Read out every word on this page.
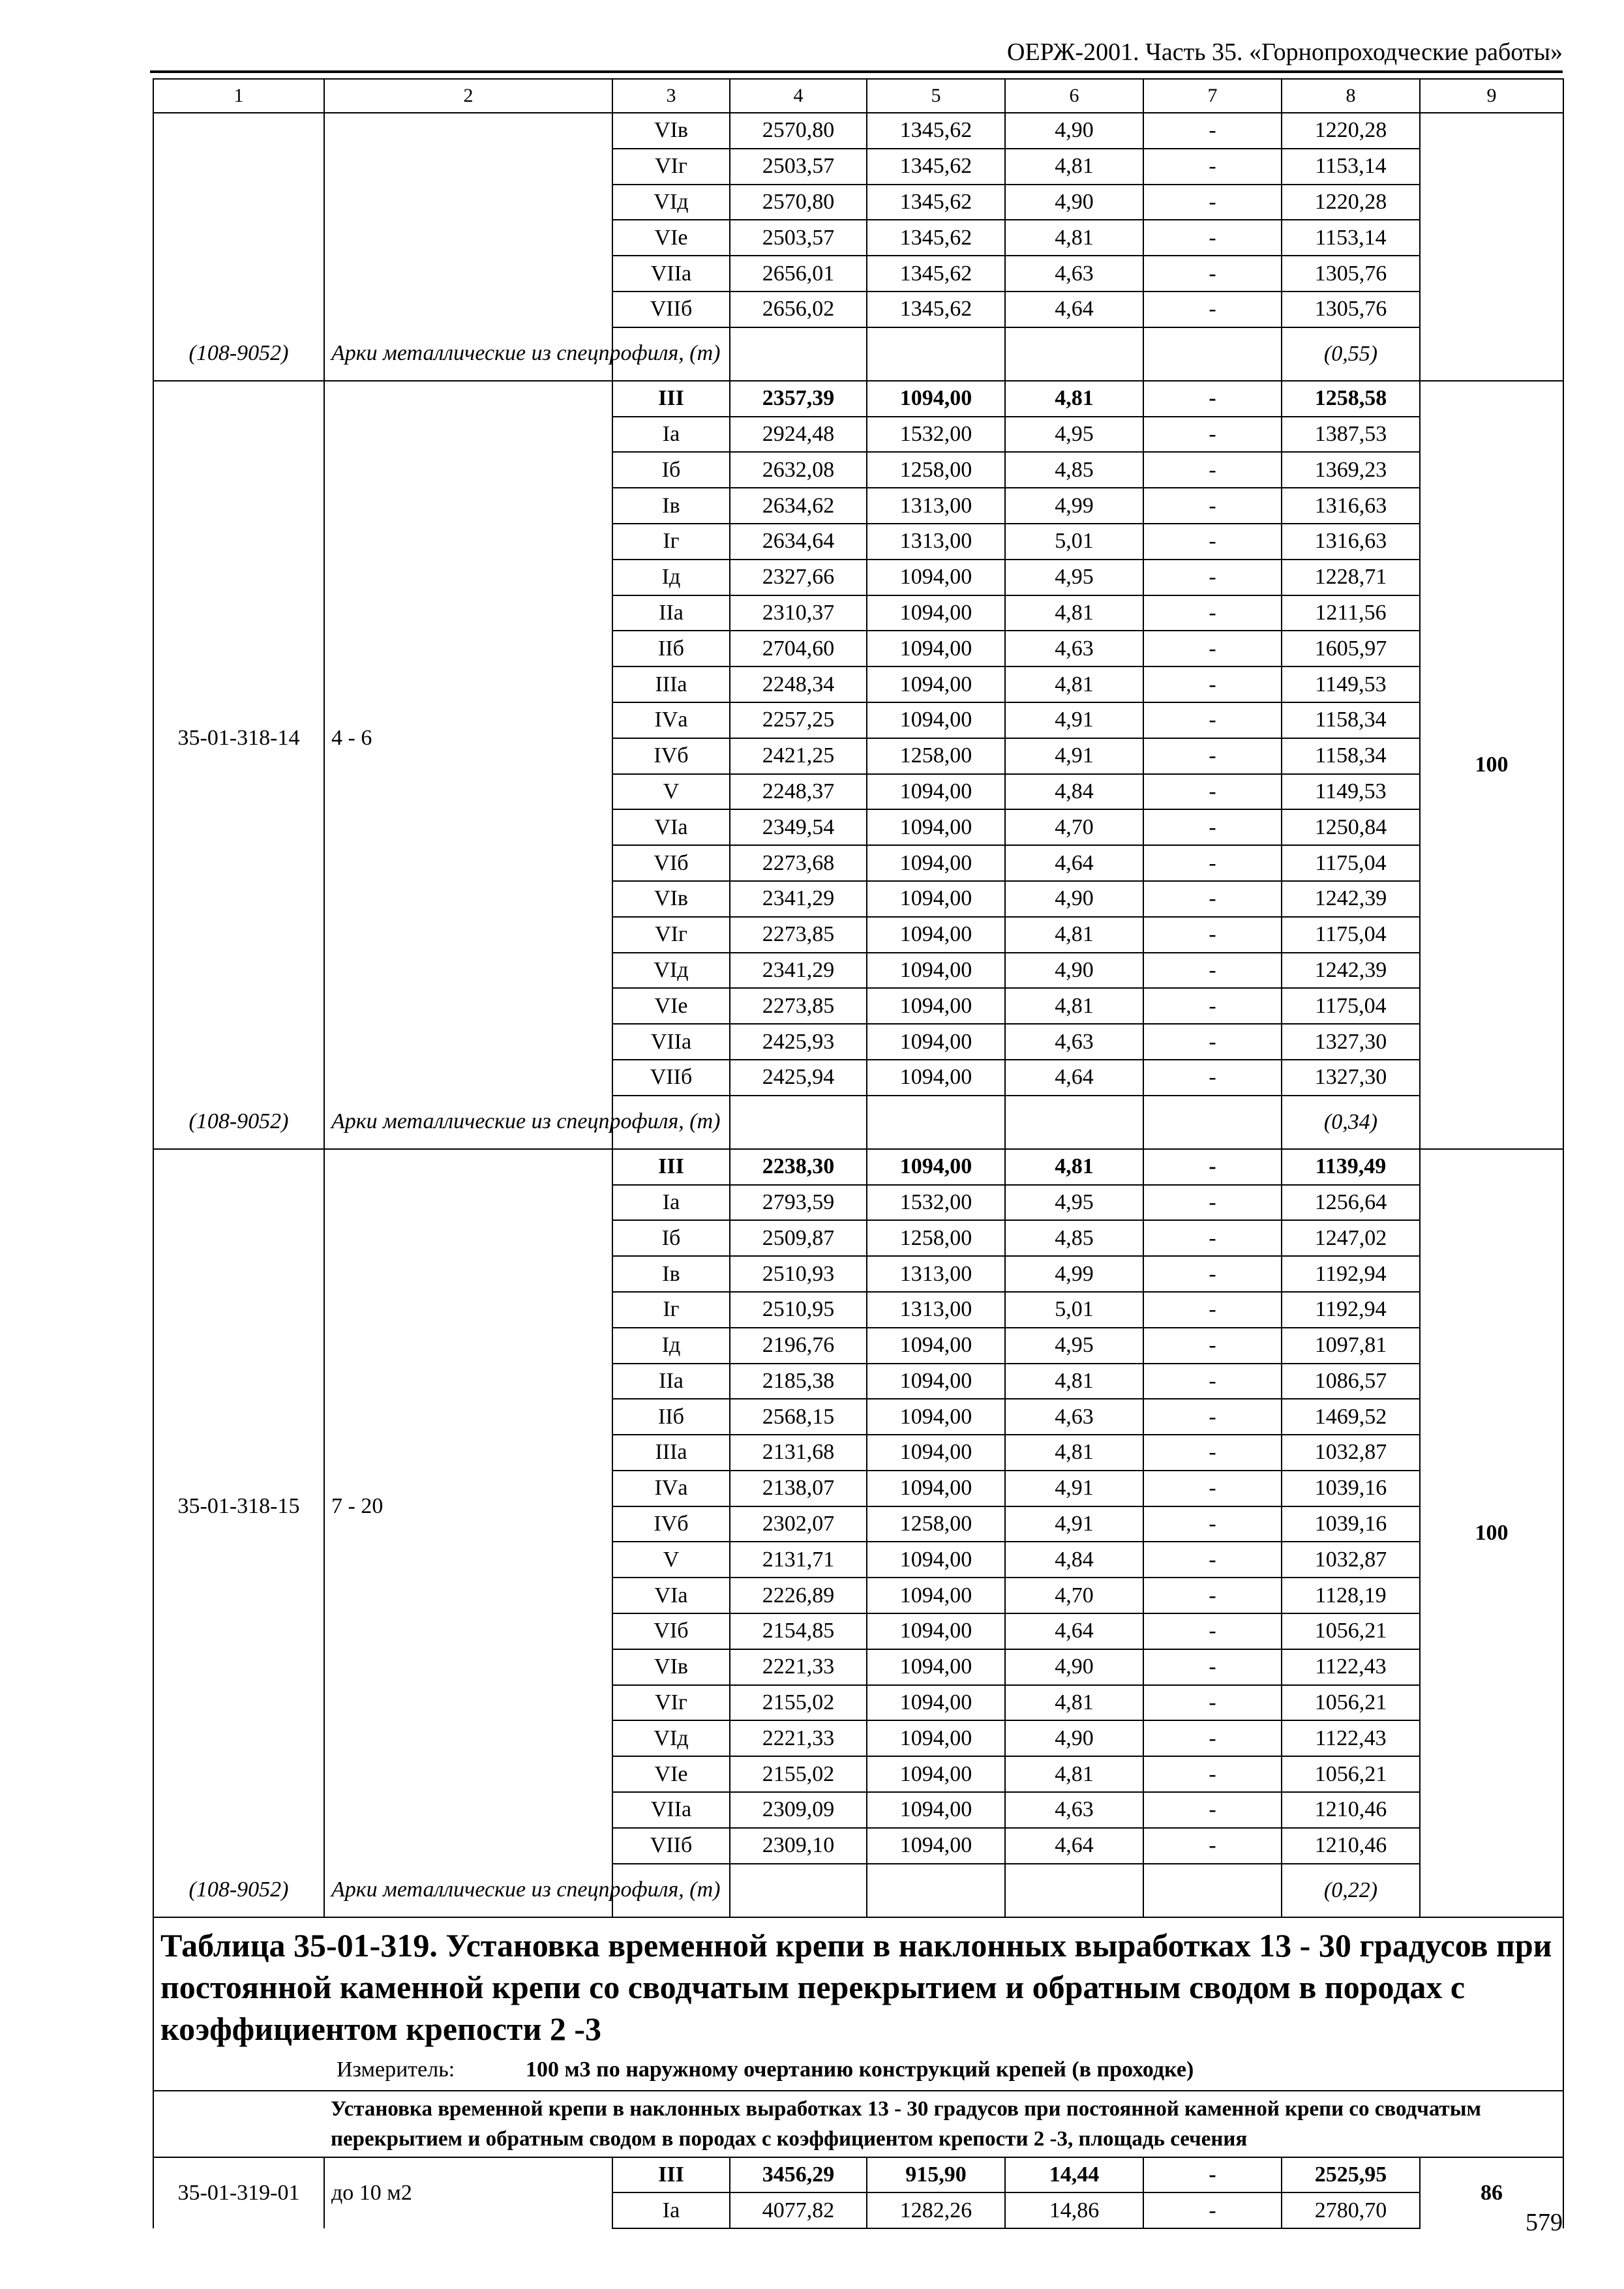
ОЕРЖ-2001. Часть 35. «Горнопроходческие работы»
1	2	3	4	5	6	7	8	9
		VIв	2570,80	1345,62	4,90	-	1220,28	
		VIг	2503,57	1345,62	4,81	-	1153,14	
		VIд	2570,80	1345,62	4,90	-	1220,28	
		VIе	2503,57	1345,62	4,81	-	1153,14	
		VIIа	2656,01	1345,62	4,63	-	1305,76	
		VIIб	2656,02	1345,62	4,64	-	1305,76	
(108-9052)	Арки металлические из спецпрофиля, (т)						(0,55)	
35-01-318-14	4 - 6	III	2357,39	1094,00	4,81	-	1258,58	100
		Iа	2924,48	1532,00	4,95	-	1387,53	
		Iб	2632,08	1258,00	4,85	-	1369,23	
		Iв	2634,62	1313,00	4,99	-	1316,63	
		Iг	2634,64	1313,00	5,01	-	1316,63	
		Iд	2327,66	1094,00	4,95	-	1228,71	
		IIа	2310,37	1094,00	4,81	-	1211,56	
		IIб	2704,60	1094,00	4,63	-	1605,97	
		IIIа	2248,34	1094,00	4,81	-	1149,53	
		IVа	2257,25	1094,00	4,91	-	1158,34	
		IVб	2421,25	1258,00	4,91	-	1158,34	
		V	2248,37	1094,00	4,84	-	1149,53	
		VIа	2349,54	1094,00	4,70	-	1250,84	
		VIб	2273,68	1094,00	4,64	-	1175,04	
		VIв	2341,29	1094,00	4,90	-	1242,39	
		VIг	2273,85	1094,00	4,81	-	1175,04	
		VIд	2341,29	1094,00	4,90	-	1242,39	
		VIе	2273,85	1094,00	4,81	-	1175,04	
		VIIа	2425,93	1094,00	4,63	-	1327,30	
		VIIб	2425,94	1094,00	4,64	-	1327,30	
(108-9052)	Арки металлические из спецпрофиля, (т)						(0,34)	
35-01-318-15	7 - 20	III	2238,30	1094,00	4,81	-	1139,49	100
		Iа	2793,59	1532,00	4,95	-	1256,64	
		Iб	2509,87	1258,00	4,85	-	1247,02	
		Iв	2510,93	1313,00	4,99	-	1192,94	
		Iг	2510,95	1313,00	5,01	-	1192,94	
		Iд	2196,76	1094,00	4,95	-	1097,81	
		IIа	2185,38	1094,00	4,81	-	1086,57	
		IIб	2568,15	1094,00	4,63	-	1469,52	
		IIIа	2131,68	1094,00	4,81	-	1032,87	
		IVа	2138,07	1094,00	4,91	-	1039,16	
		IVб	2302,07	1258,00	4,91	-	1039,16	
		V	2131,71	1094,00	4,84	-	1032,87	
		VIа	2226,89	1094,00	4,70	-	1128,19	
		VIб	2154,85	1094,00	4,64	-	1056,21	
		VIв	2221,33	1094,00	4,90	-	1122,43	
		VIг	2155,02	1094,00	4,81	-	1056,21	
		VIд	2221,33	1094,00	4,90	-	1122,43	
		VIе	2155,02	1094,00	4,81	-	1056,21	
		VIIа	2309,09	1094,00	4,63	-	1210,46	
		VIIб	2309,10	1094,00	4,64	-	1210,46	
(108-9052)	Арки металлические из спецпрофиля, (т)						(0,22)	

Таблица 35-01-319. Установка временной крепи в наклонных выработках 13 - 30 градусов при постоянной каменной крепи со сводчатым перекрытием и обратным сводом в породах с коэффициентом крепости 2 -3
Измеритель: 100 м3 по наружному очертанию конструкций крепей (в проходке)								

	Установка временной крепи в наклонных выработках 13 - 30 градусов при постоянной каменной крепи со сводчатым перекрытием и обратным сводом в породах с коэффициентом крепости 2 -3, площадь сечения							
35-01-319-01	до 10 м2	III	3456,29	915,90	14,44	-	2525,95	86
		Iа	4077,82	1282,26	14,86	-	2780,70		579
